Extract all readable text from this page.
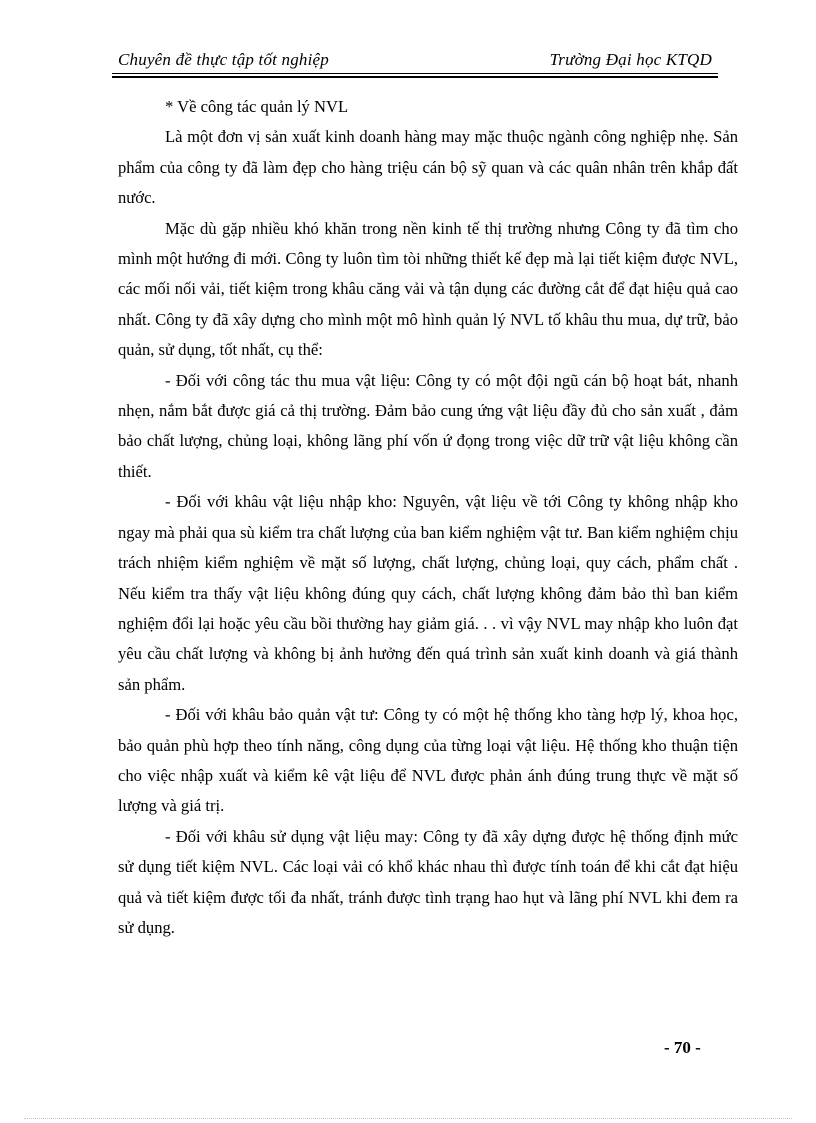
Chuyên đề thực tập tốt nghiệp	Trường Đại học KTQD

* Về công tác quản lý NVL

Là một đơn vị sản xuất kinh doanh hàng may mặc thuộc ngành công nghiệp nhẹ. Sản phẩm của công ty đã làm đẹp cho hàng triệu cán bộ sỹ quan và các quân nhân trên khắp đất nước.

Mặc dù gặp nhiều khó khăn trong nền kinh tế thị trường nhưng Công ty đã tìm cho mình một hướng đi mới. Công ty luôn tìm tòi những thiết kế đẹp mà lại tiết kiệm được NVL, các mối nối vải, tiết kiệm trong khâu căng vải và tận dụng các đường cắt để đạt hiệu quả cao nhất. Công ty đã xây dựng cho mình một mô hình quản lý NVL tố khâu thu mua, dự trữ, bảo quản, sử dụng, tốt nhất, cụ thể:

- Đối với công tác thu mua vật liệu: Công ty có một đội ngũ cán bộ hoạt bát, nhanh nhẹn, nắm bắt được giá cả thị trường. Đảm bảo cung ứng vật liệu đầy đủ cho sản xuất , đảm bảo chất lượng, chủng loại, không lãng phí vốn ứ đọng trong việc dữ trữ vật liệu không cần thiết.

- Đối với khâu vật liệu nhập kho: Nguyên, vật liệu về tới Công ty không nhập kho ngay mà phải qua sù kiểm tra chất lượng của ban kiểm nghiệm vật tư. Ban kiểm nghiệm chịu trách nhiệm kiểm nghiệm về mặt số lượng, chất lượng, chủng loại, quy cách, phẩm chất . Nếu kiểm tra thấy vật liệu không đúng quy cách, chất lượng không đảm bảo thì ban kiểm nghiệm đổi lại hoặc yêu cầu bồi thường hay giảm giá. . . vì vậy NVL may nhập kho luôn đạt yêu cầu chất lượng và không bị ảnh hưởng đến quá trình sản xuất kinh doanh và giá thành sản phẩm.

- Đối với khâu bảo quản vật tư: Công ty có một hệ thống kho tàng hợp lý, khoa học, bảo quản phù hợp theo tính năng, công dụng của từng loại vật liệu. Hệ thống kho thuận tiện cho việc nhập xuất và kiểm kê vật liệu để NVL được phản ánh đúng trung thực về mặt số lượng và giá trị.

- Đối với khâu sử dụng vật liệu may: Công ty đã xây dựng được hệ thống định mức sử dụng tiết kiệm NVL. Các loại vải có khổ khác nhau thì được tính toán để khi cắt đạt hiệu quả và tiết kiệm được tối đa nhất, tránh được tình trạng hao hụt và lãng phí NVL khi đem ra sử dụng.

- 70 -
